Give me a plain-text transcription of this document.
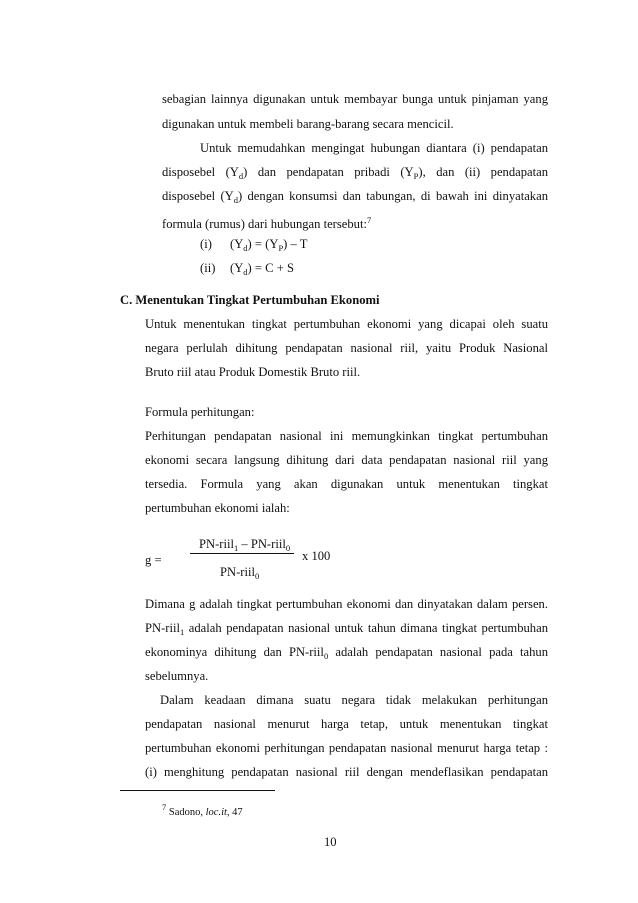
sebagian lainnya digunakan untuk membayar bunga untuk pinjaman yang
digunakan untuk membeli barang-barang secara mencicil.
Untuk memudahkan mengingat hubungan diantara (i) pendapatan
disposebel $(Y_d)$ dan pendapatan pribadi $(Y_P)$, dan (ii) pendapatan
disposebel $(Y_d)$ dengan konsumsi dan tabungan, di bawah ini dinyatakan
formula (rumus) dari hubungan tersebut:$^7$
(i) $(Y_d) = (Y_P) - T$
(ii) $(Y_d) = C + S$
C. Menentukan Tingkat Pertumbuhan Ekonomi
Untuk menentukan tingkat pertumbuhan ekonomi yang dicapai oleh suatu
negara perlulah dihitung pendapatan nasional riil, yaitu Produk Nasional
Bruto riil atau Produk Domestik Bruto riil.
Formula perhitungan:
Perhitungan pendapatan nasional ini memungkinkan tingkat pertumbuhan
ekonomi secara langsung dihitung dari data pendapatan nasional riil yang
tersedia. Formula yang akan digunakan untuk menentukan tingkat
pertumbuhan ekonomi ialah:
PN-riil$_1$ – PN-riil$_0$
g =	x 100
PN-riil$_0$
Dimana g adalah tingkat pertumbuhan ekonomi dan dinyatakan dalam persen.
PN-riil$_1$ adalah pendapatan nasional untuk tahun dimana tingkat pertumbuhan
ekonominya dihitung dan PN-riil$_0$ adalah pendapatan nasional pada tahun
sebelumnya.
Dalam keadaan dimana suatu negara tidak melakukan perhitungan
pendapatan nasional menurut harga tetap, untuk menentukan tingkat
pertumbuhan ekonomi perhitungan pendapatan nasional menurut harga tetap :
(i) menghitung pendapatan nasional riil dengan mendeflasikan pendapatan
$^7$ Sadono, loc.it, 47
10
